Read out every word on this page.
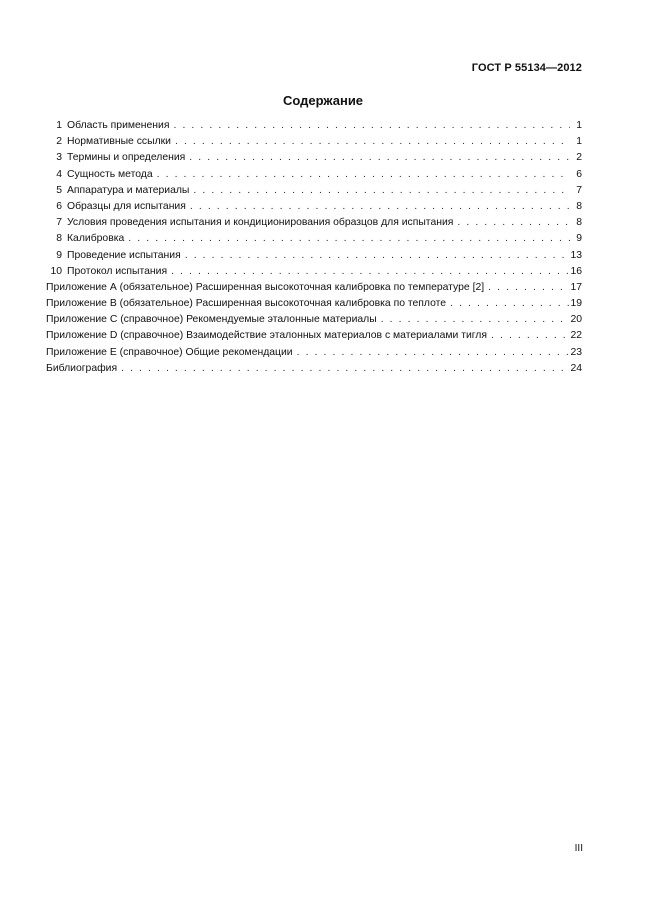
ГОСТ Р 55134—2012
Содержание
1 Область применения . . .	1
2 Нормативные ссылки . . .	1
3 Термины и определения . . .	2
4 Сущность метода . . .	6
5 Аппаратура и материалы . . .	7
6 Образцы для испытания . . .	8
7 Условия проведения испытания и кондиционирования образцов для испытания . . .	8
8 Калибровка . . .	9
9 Проведение испытания . . .	13
10 Протокол испытания . . .	16
Приложение А (обязательное) Расширенная высокоточная калибровка по температуре [2] . . .	17
Приложение В (обязательное) Расширенная высокоточная калибровка по теплоте . . .	19
Приложение С (справочное) Рекомендуемые эталонные материалы . . .	20
Приложение D (справочное) Взаимодействие эталонных материалов с материалами тигля . . .	22
Приложение Е (справочное) Общие рекомендации . . .	23
Библиография . . .	24
III
